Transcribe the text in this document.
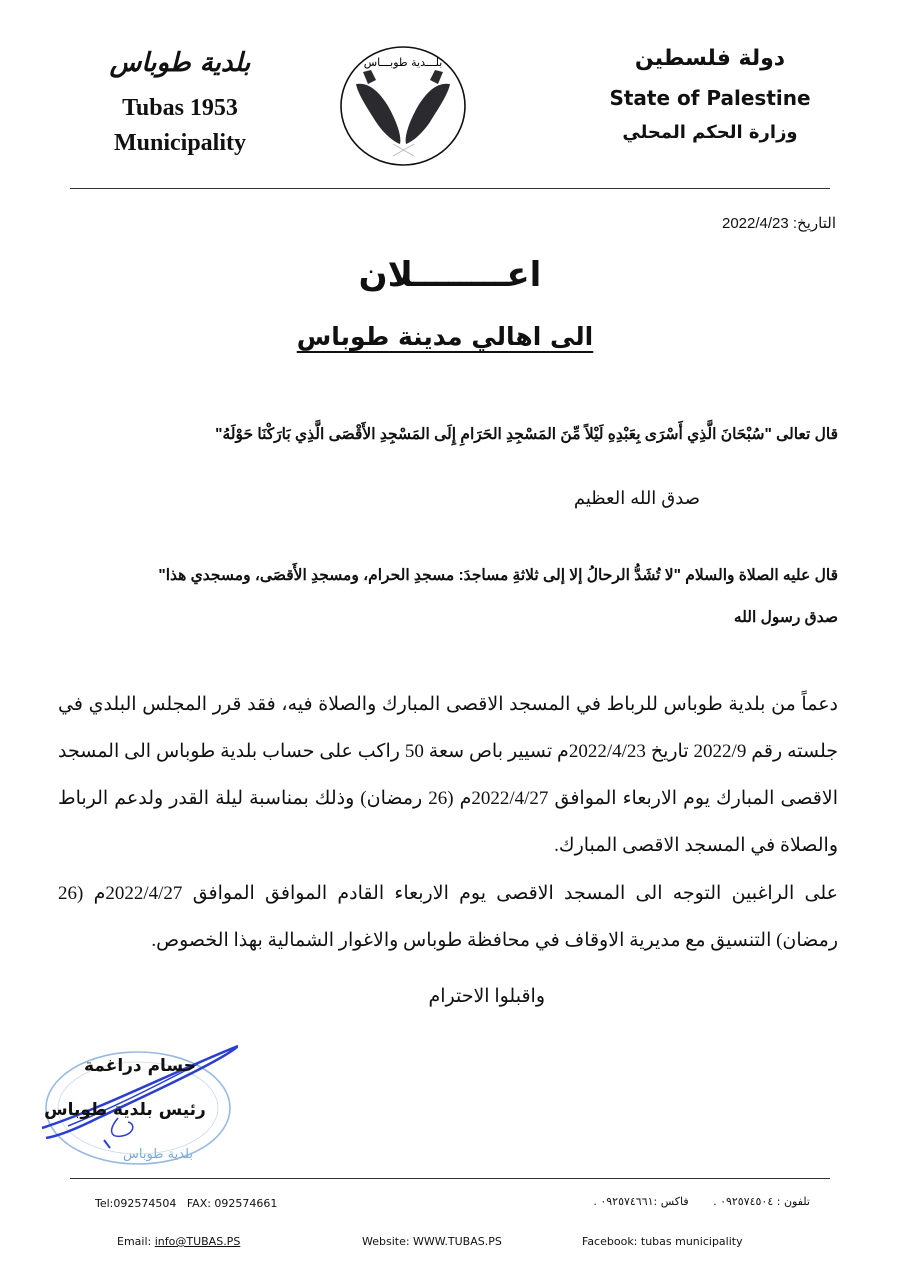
بلدية طوباس
Tubas 1953
Municipality
بلـــدية طوبـــاس	دولة فلسطين
State of Palestine
وزارة الحكم المحلي
التاريخ: 2022/4/23
اعــــــــلان
الى اهالي مدينة طوباس
قال تعالى "سُبْحَانَ الَّذِي أَسْرَى بِعَبْدِهِ لَيْلاً مِّنَ المَسْجِدِ الحَرَامِ إِلَى المَسْجِدِ الأَقْصَى الَّذِي بَارَكْنَا حَوْلَهُ"
صدق الله العظيم
قال عليه الصلاة والسلام "لا تُشَدُّ الرحالُ إلا إلى ثلاثةِ مساجدَ: مسجدِ الحرام، ومسجدِ الأَقصَى، ومسجدي هذا"
صدق رسول الله
دعماً من بلدية طوباس للرباط في المسجد الاقصى المبارك والصلاة فيه، فقد قرر المجلس البلدي في جلسته رقم 2022/9 تاريخ 2022/4/23م تسيير باص سعة 50 راكب على حساب بلدية طوباس الى المسجد الاقصى المبارك يوم الاربعاء الموافق 2022/4/27م (26 رمضان) وذلك بمناسبة ليلة القدر ولدعم الرباط والصلاة في المسجد الاقصى المبارك.
على الراغبين التوجه الى المسجد الاقصى يوم الاربعاء القادم الموافق الموافق 2022/4/27م (26 رمضان) التنسيق مع مديرية الاوقاف في محافظة طوباس والاغوار الشمالية بهذا الخصوص.
واقبلوا الاحترام
بلدية طوباس
حسام دراغمة
رئيس بلدية طوباس
Tel:092574504   FAX: 092574661	تلفون : ٠٩٢٥٧٤٥٠٤ .       فاكس :٠٩٢٥٧٤٦٦١ .
Email: info@TUBAS.PS	Website: WWW.TUBAS.PS	Facebook: tubas municipality
